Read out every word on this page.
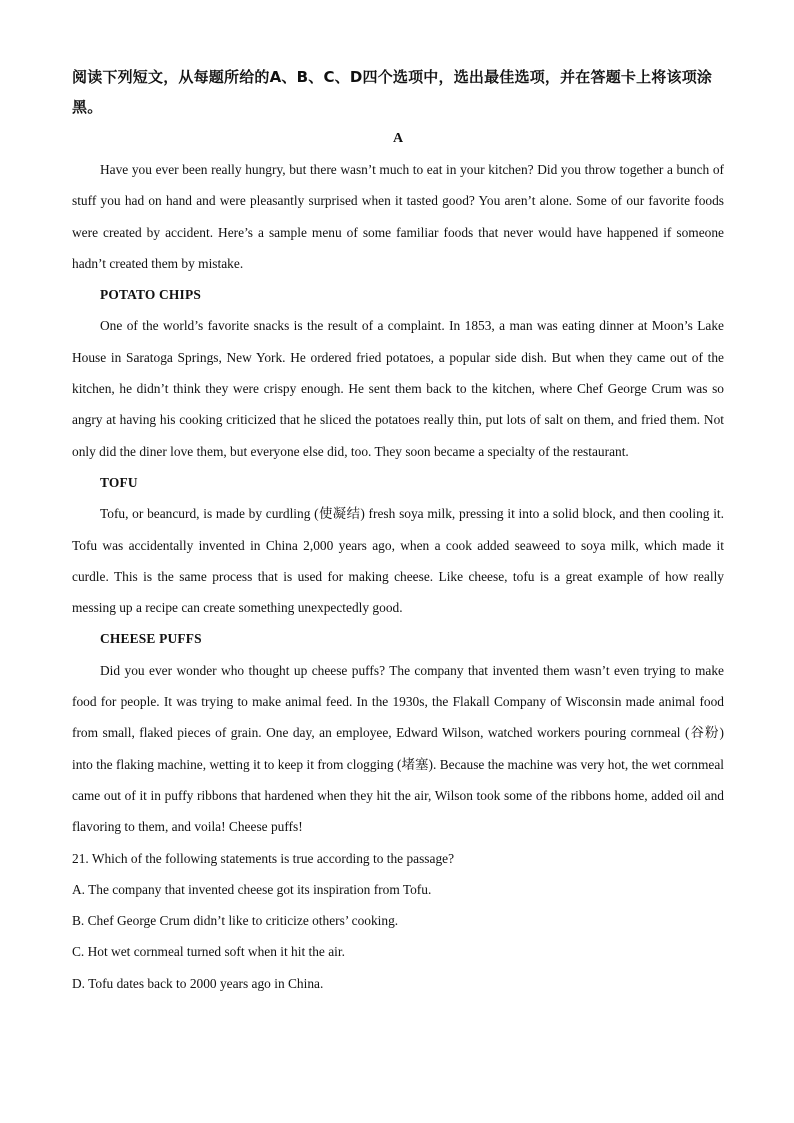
阅读下列短文，从每题所给的A、B、C、D四个选项中，选出最佳选项，并在答题卡上将该项涂黑。

A

Have you ever been really hungry, but there wasn’t much to eat in your kitchen? Did you throw together a bunch of stuff you had on hand and were pleasantly surprised when it tasted good? You aren’t alone. Some of our favorite foods were created by accident. Here’s a sample menu of some familiar foods that never would have happened if someone hadn’t created them by mistake.

POTATO CHIPS

One of the world’s favorite snacks is the result of a complaint. In 1853, a man was eating dinner at Moon’s Lake House in Saratoga Springs, New York. He ordered fried potatoes, a popular side dish. But when they came out of the kitchen, he didn’t think they were crispy enough. He sent them back to the kitchen, where Chef George Crum was so angry at having his cooking criticized that he sliced the potatoes really thin, put lots of salt on them, and fried them. Not only did the diner love them, but everyone else did, too. They soon became a specialty of the restaurant.

TOFU

Tofu, or beancurd, is made by curdling (使凝结) fresh soya milk, pressing it into a solid block, and then cooling it. Tofu was accidentally invented in China 2,000 years ago, when a cook added seaweed to soya milk, which made it curdle. This is the same process that is used for making cheese. Like cheese, tofu is a great example of how really messing up a recipe can create something unexpectedly good.

CHEESE PUFFS

Did you ever wonder who thought up cheese puffs? The company that invented them wasn’t even trying to make food for people. It was trying to make animal feed. In the 1930s, the Flakall Company of Wisconsin made animal food from small, flaked pieces of grain. One day, an employee, Edward Wilson, watched workers pouring cornmeal (谷粉) into the flaking machine, wetting it to keep it from clogging (堵塞). Because the machine was very hot, the wet cornmeal came out of it in puffy ribbons that hardened when they hit the air, Wilson took some of the ribbons home, added oil and flavoring to them, and voila! Cheese puffs!

21. Which of the following statements is true according to the passage?

A. The company that invented cheese got its inspiration from Tofu.

B. Chef George Crum didn’t like to criticize others’ cooking.

C. Hot wet cornmeal turned soft when it hit the air.

D. Tofu dates back to 2000 years ago in China.
